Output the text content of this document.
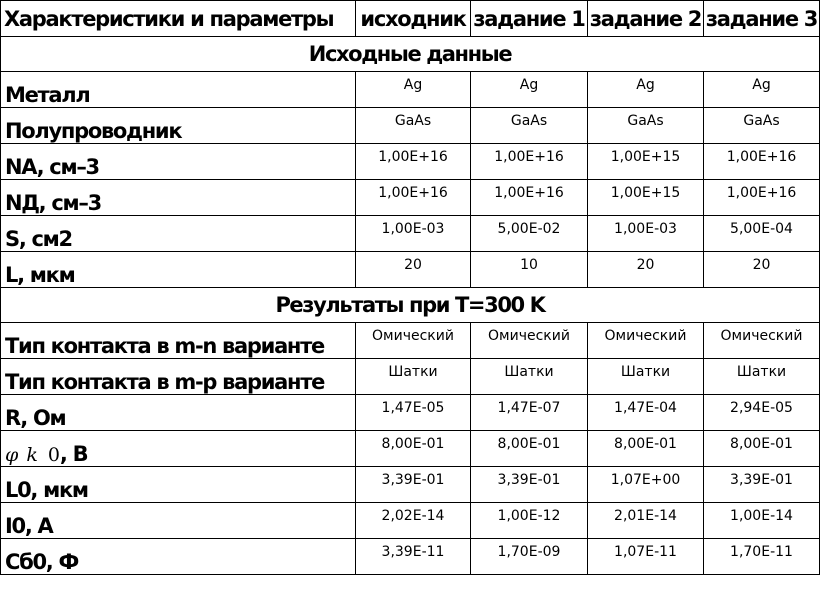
Характеристики и параметры	исходник	задание 1	задание 2	задание 3
Исходные данные				
Металл	Ag	Ag	Ag	Ag
Полупроводник	GaAs	GaAs	GaAs	GaAs
NA, см–3	1,00E+16	1,00E+16	1,00E+15	1,00E+16
NД, см–3	1,00E+16	1,00E+16	1,00E+15	1,00E+16
S, см2	1,00E-03	5,00E-02	1,00E-03	5,00E-04
L, мкм	20	10	20	20
Результаты при T=300 K				
Тип контакта в m-n варианте	Омический	Омический	Омический	Омический
Тип контакта в m-p варианте	Шатки	Шатки	Шатки	Шатки
R, Ом	1,47E-05	1,47E-07	1,47E-04	2,94E-05
φ k 0, В	8,00E-01	8,00E-01	8,00E-01	8,00E-01
L0, мкм	3,39E-01	3,39E-01	1,07E+00	3,39E-01
I0, А	2,02E-14	1,00E-12	2,01E-14	1,00E-14
Сб0, Ф	3,39E-11	1,70E-09	1,07E-11	1,70E-11
